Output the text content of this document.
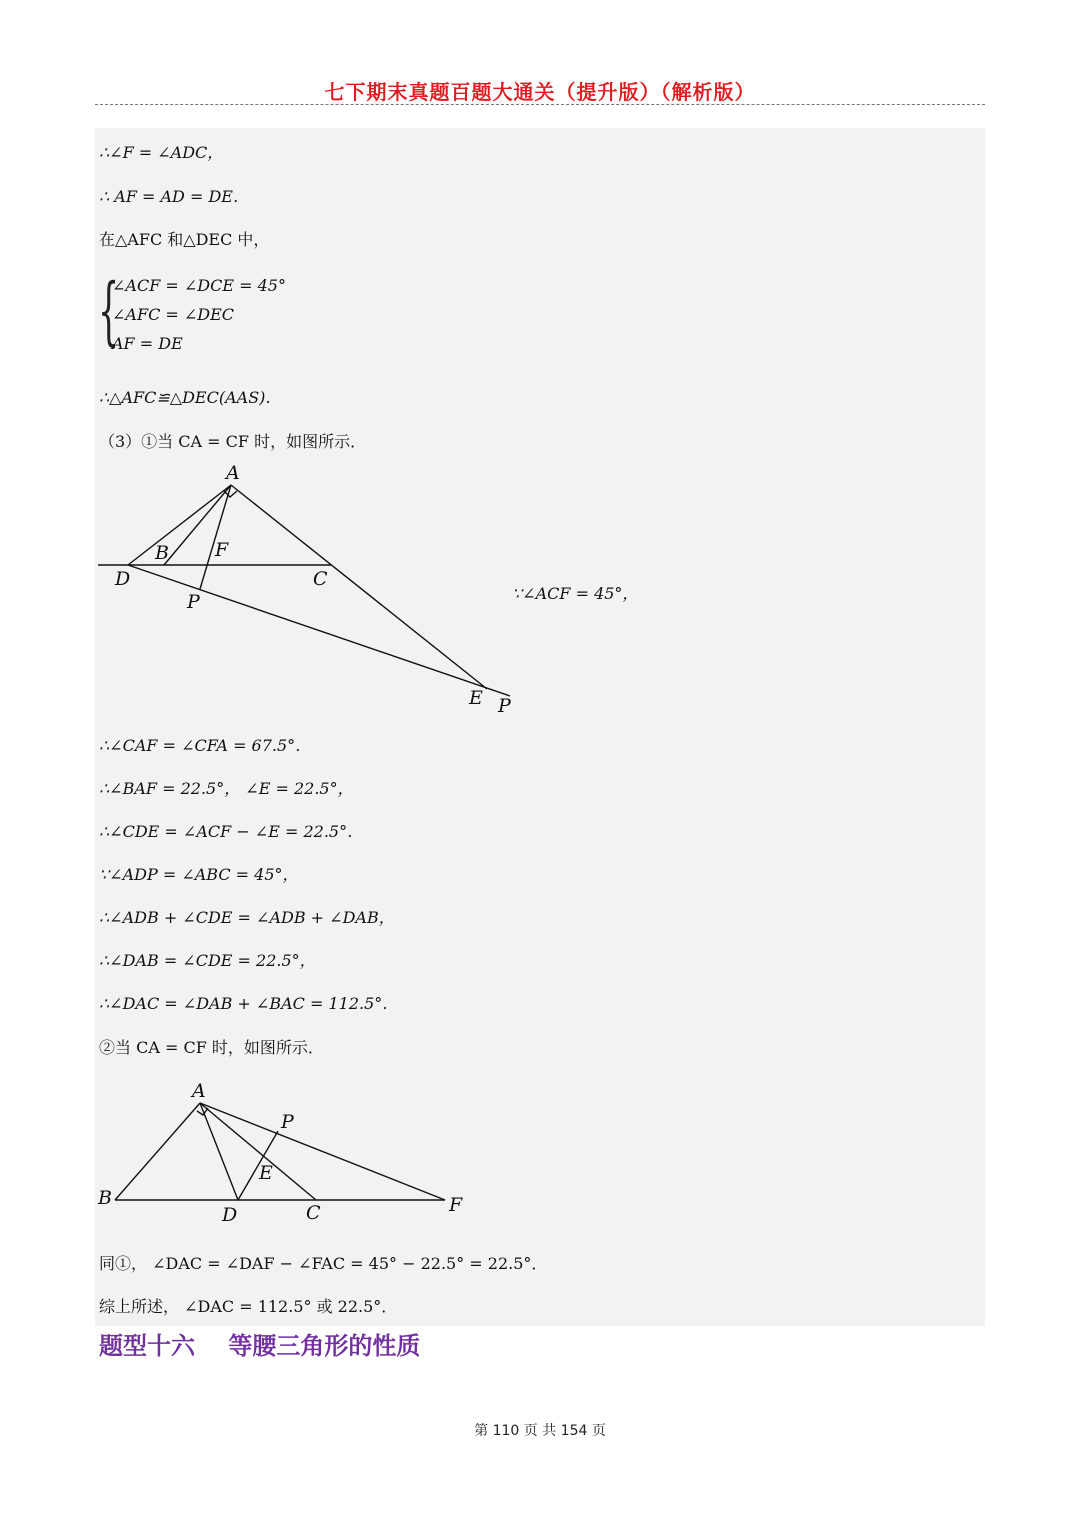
七下期末真题百题大通关（提升版）（解析版）
∴∠F = ∠ADC，
∴ AF = AD = DE．
在△AFC 和△DEC 中，
{
∠ACF = ∠DCE = 45°
∠AFC = ∠DEC
AF = DE
∴△AFC≌△DEC(AAS)．
（3）①当 CA = CF 时，如图所示．
A
B F
D	C
P
E P
∵∠ACF = 45°，
∴∠CAF = ∠CFA = 67.5°．
∴∠BAF = 22.5°， ∠E = 22.5°，
∴∠CDE = ∠ACF − ∠E = 22.5°．
∵∠ADP = ∠ABC = 45°，
∴∠ADB + ∠CDE = ∠ADB + ∠DAB，
∴∠DAB = ∠CDE = 22.5°，
∴∠DAC = ∠DAB + ∠BAC = 112.5°．
②当 CA = CF 时，如图所示．
A
P
E
B
D	C	F
同①， ∠DAC = ∠DAF − ∠FAC = 45° − 22.5° = 22.5°．
综上所述， ∠DAC = 112.5° 或 22.5°．
题型十六    等腰三角形的性质
第 110 页 共 154 页
